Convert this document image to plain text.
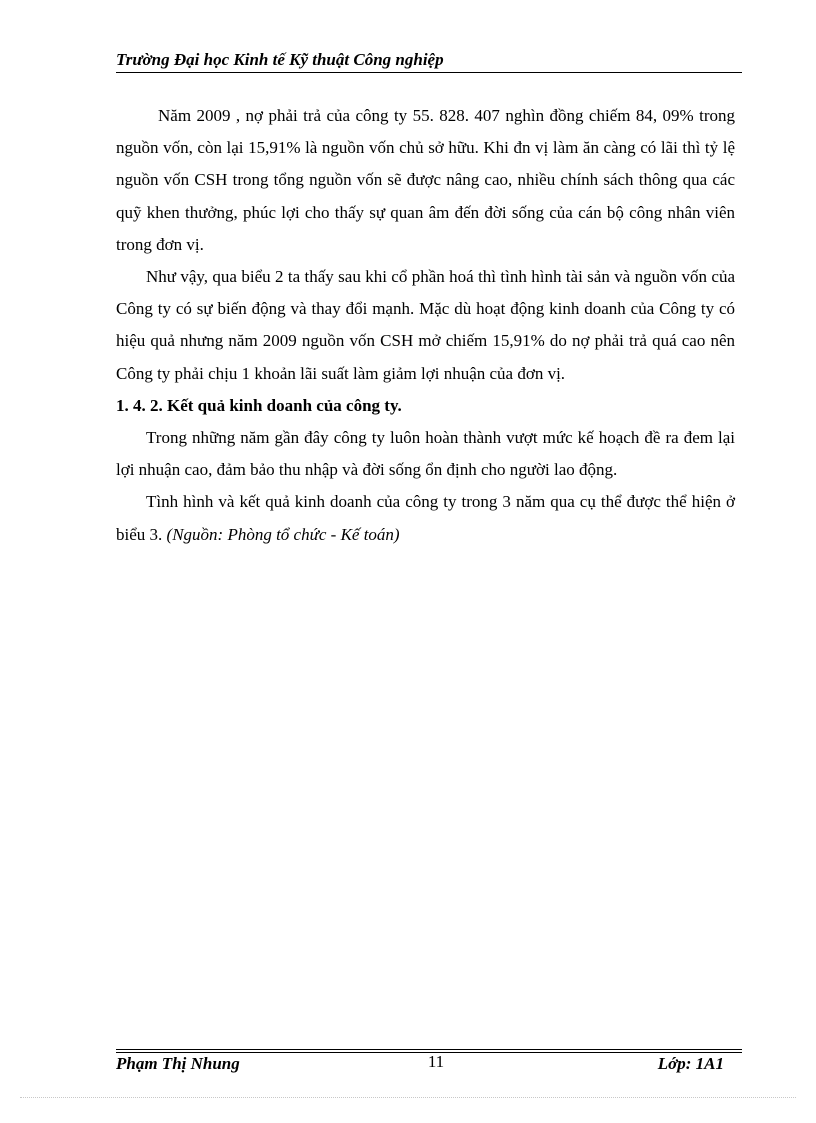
Trường Đại học Kinh tế Kỹ thuật Công nghiệp

Năm 2009 , nợ phải trả của công ty 55. 828. 407 nghìn đồng chiếm 84, 09% trong nguồn vốn, còn lại 15,91% là nguồn vốn chủ sở hữu. Khi đn vị làm ăn càng có lãi thì tỷ lệ nguồn vốn CSH trong tổng nguồn vốn sẽ được nâng cao, nhiều chính sách thông qua các quỹ khen thưởng, phúc lợi cho thấy sự quan âm đến đời sống của cán bộ công nhân viên trong đơn vị.

Như vậy, qua biểu 2 ta thấy sau khi cổ phần hoá thì tình hình tài sản và nguồn vốn của Công ty có sự biến động và thay đổi mạnh. Mặc dù hoạt động kinh doanh của Công ty có hiệu quả nhưng năm 2009 nguồn vốn CSH mở chiếm 15,91% do nợ phải trả quá cao nên Công ty phải chịu 1 khoản lãi suất làm giảm lợi nhuận của đơn vị.

1. 4. 2. Kết quả kinh doanh của công ty.

Trong những năm gần đây công ty luôn hoàn thành vượt mức kế hoạch đề ra đem lại lợi nhuận cao, đảm bảo thu nhập và đời sống ổn định cho người lao động.

Tình hình và kết quả kinh doanh của công ty trong 3 năm qua cụ thể được thể hiện ở biểu 3. (Nguồn: Phòng tổ chức - Kế toán)

Phạm Thị Nhung	11	Lớp: 1A1
